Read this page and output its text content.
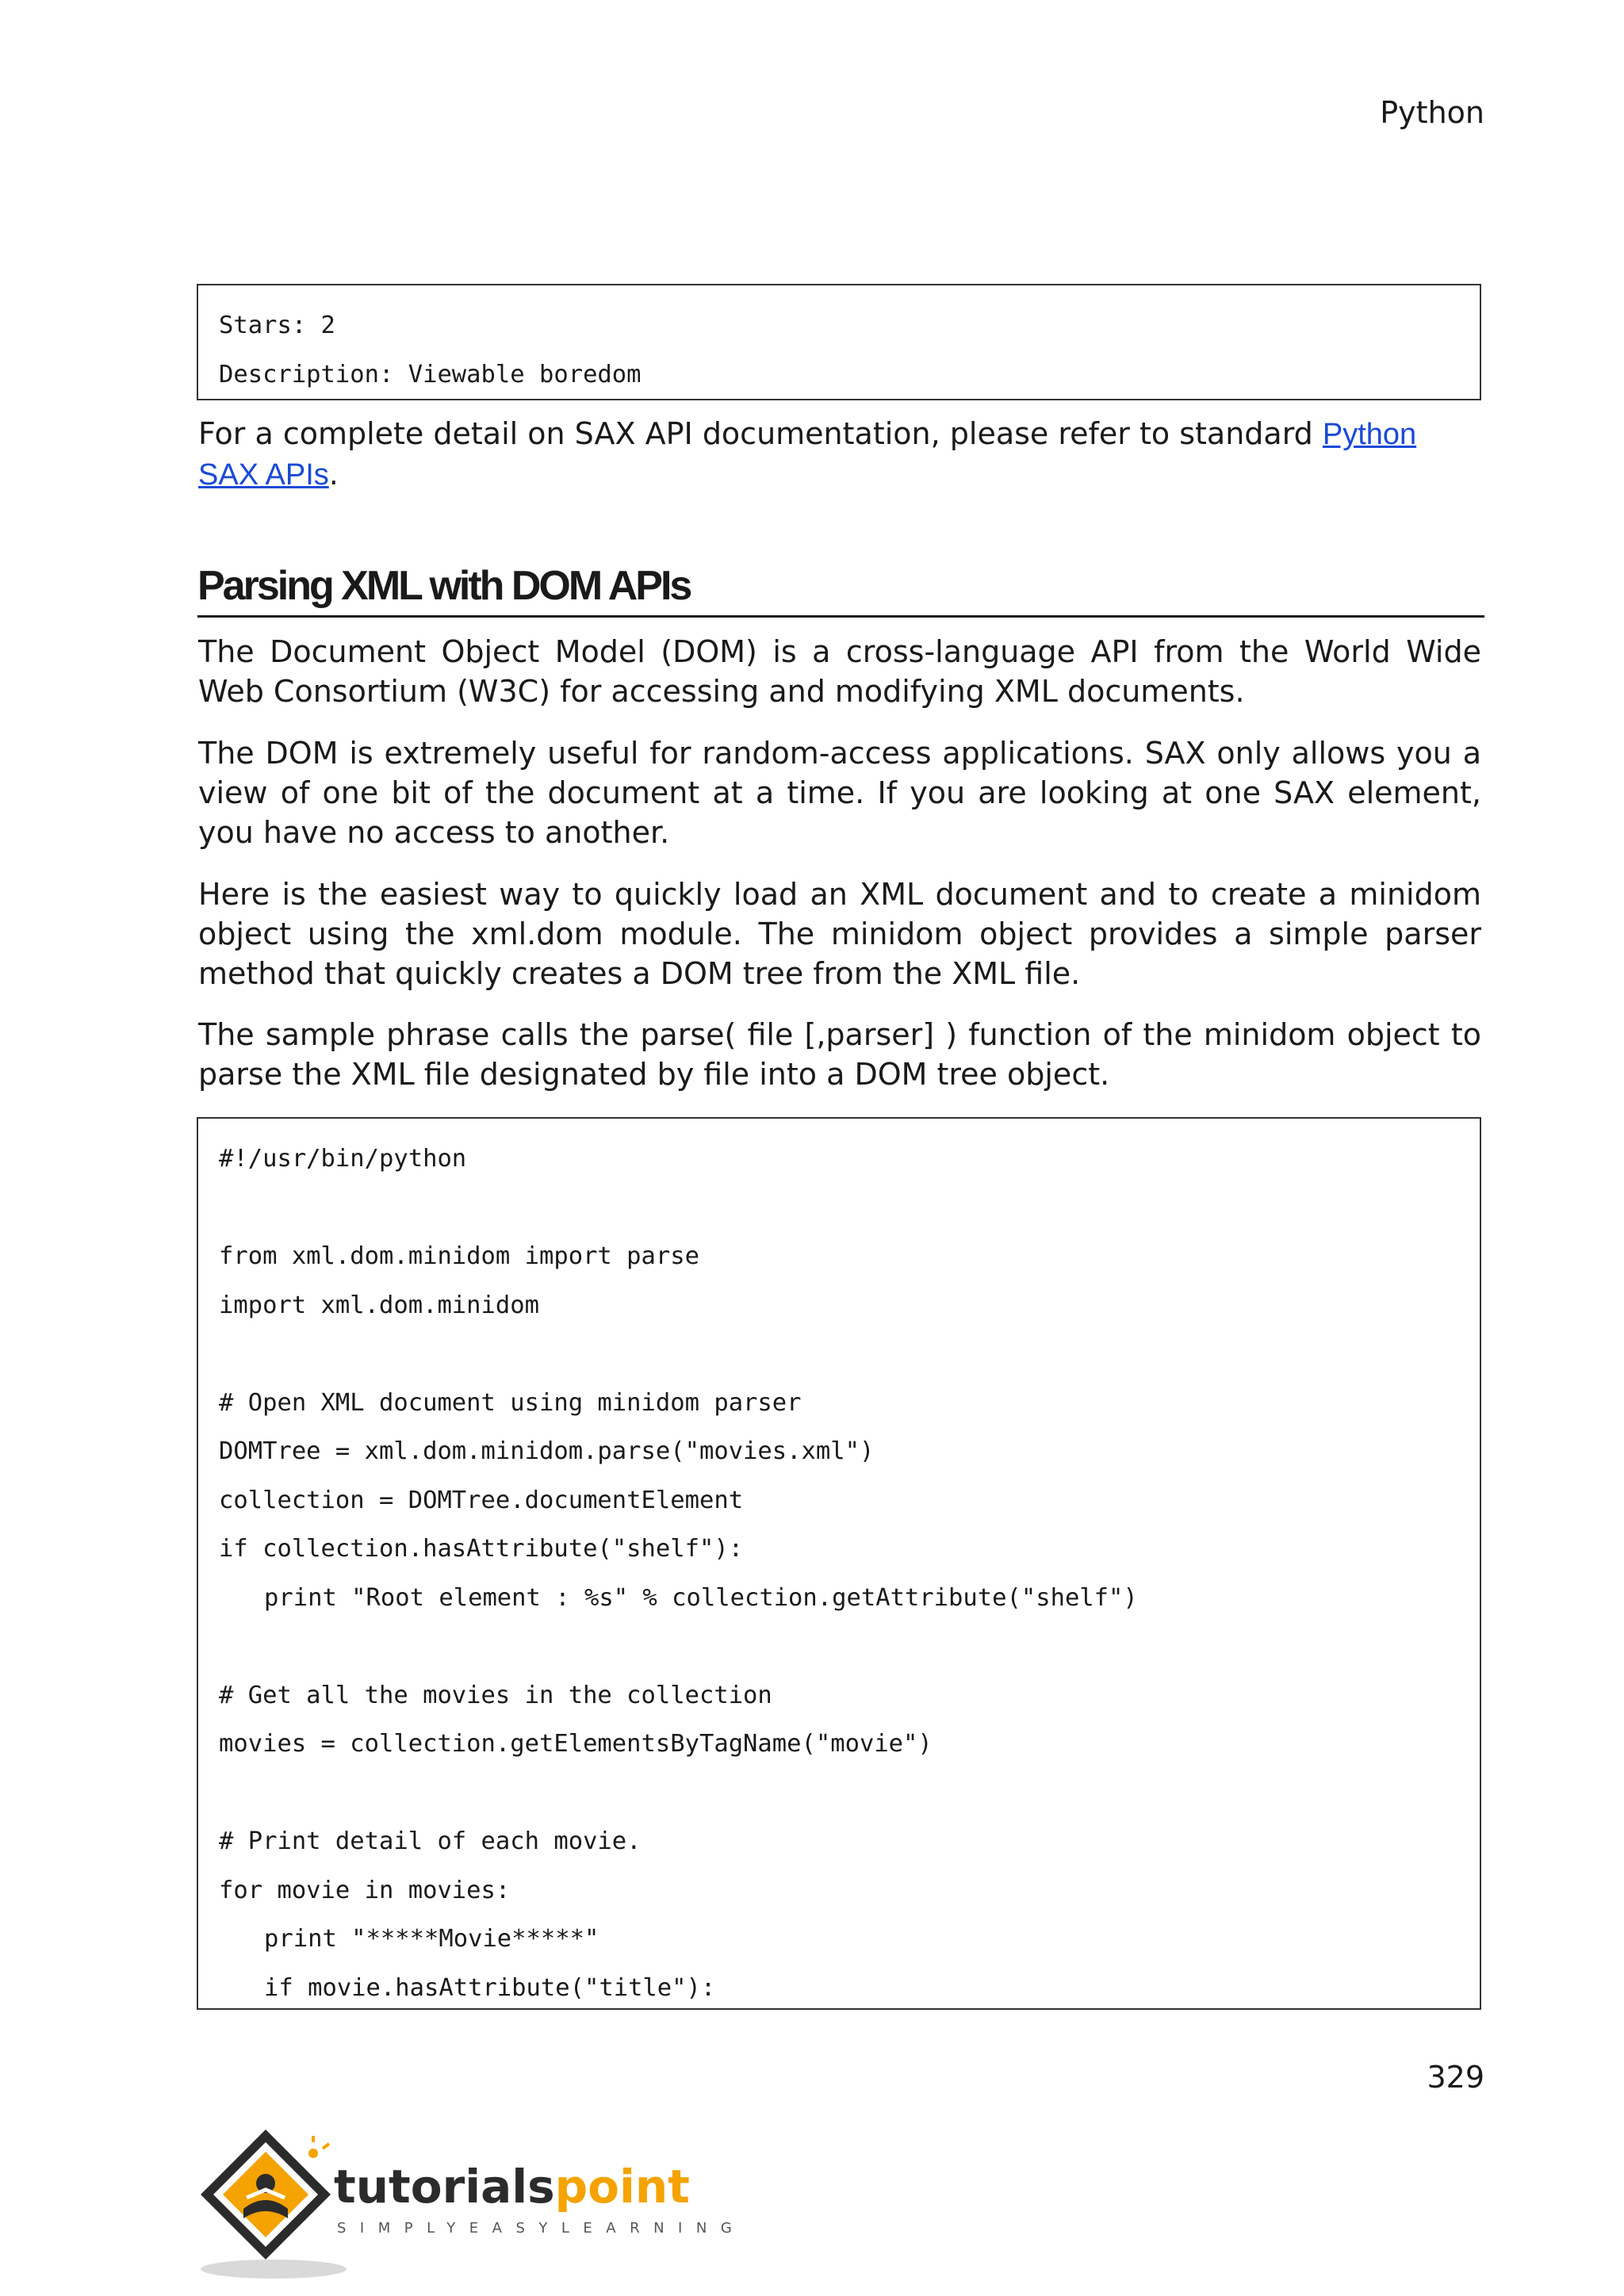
Python
Stars: 2
Description: Viewable boredom

For a complete detail on SAX API documentation, please refer to standard Python SAX APIs.

Parsing XML with DOM APIs

The Document Object Model (DOM) is a cross-language API from the World Wide Web Consortium (W3C) for accessing and modifying XML documents.

The DOM is extremely useful for random-access applications. SAX only allows you a view of one bit of the document at a time. If you are looking at one SAX element, you have no access to another.

Here is the easiest way to quickly load an XML document and to create a minidom object using the xml.dom module. The minidom object provides a simple parser method that quickly creates a DOM tree from the XML file.

The sample phrase calls the parse( file [,parser] ) function of the minidom object to parse the XML file designated by file into a DOM tree object.

#!/usr/bin/python
from xml.dom.minidom import parse
import xml.dom.minidom
# Open XML document using minidom parser
DOMTree = xml.dom.minidom.parse("movies.xml")
collection = DOMTree.documentElement
if collection.hasAttribute("shelf"):
print "Root element : %s" % collection.getAttribute("shelf")
# Get all the movies in the collection
movies = collection.getElementsByTagName("movie")
# Print detail of each movie.
for movie in movies:
print "*****Movie*****"
if movie.hasAttribute("title"):
329
tutorialspoint
SIMPLYEASYLEARNING
